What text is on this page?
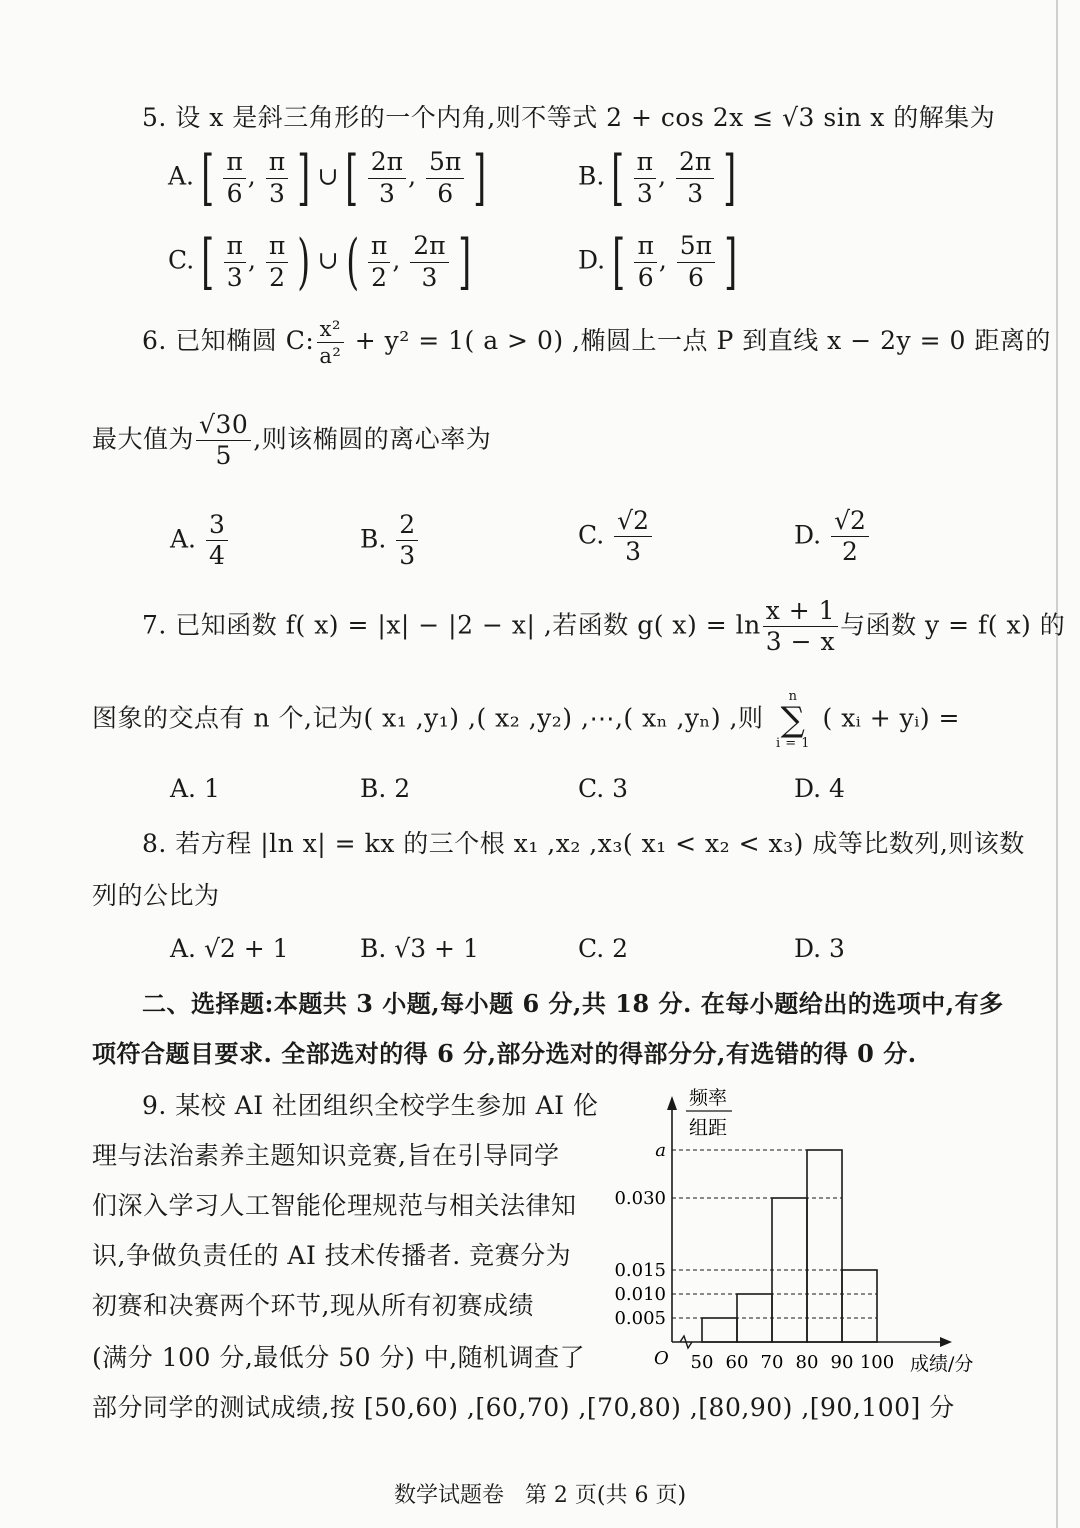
5. 设 x 是斜三角形的一个内角,则不等式 2 + cos 2x ≤ √3 sin x 的解集为
A. [ $\frac{\pi}{6}$ , $\frac{\pi}{3}$ ] ∪ [ $\frac{2\pi}{3}$ , $\frac{5\pi}{6}$ ]	B. [ $\frac{\pi}{3}$ , $\frac{2\pi}{3}$ ]
C. [ $\frac{\pi}{3}$ , $\frac{\pi}{2}$ ) ∪ ( $\frac{\pi}{2}$ , $\frac{2\pi}{3}$ ]	D. [ $\frac{\pi}{6}$ , $\frac{5\pi}{6}$ ]
6. 已知椭圆 C: $\frac{\text{x²}}{\text{a²}} + y^2 = 1$( a > 0) ,椭圆上一点 P 到直线 x − 2y = 0 距离的
最大值为 $\frac{√30}{5}$ ,则该椭圆的离心率为
A. $\frac{3}{4}$	B. $\frac{2}{3}$	C. $\frac{√2}{3}$	D. $\frac{√2}{2}$
7. 已知函数 f( x) = |x| − |2 − x| ,若函数 g( $x) = \ln \frac{x + 1}{3 - x}$ 与函数 y = f( x) 的
图象的交点有 n 个,记为( x₁ ,y₁) ,( x₂ ,y₂) ,⋯,( xₙ ,yₙ) ,则
n
∑
i = 1
( xᵢ + yᵢ) =
A. 1	B. 2	C. 3	D. 4
8. 若方程 |ln x| = kx 的三个根 x₁ ,x₂ ,x₃( x₁ < x₂ < x₃) 成等比数列,则该数
列的公比为
A. √2 + 1	B. √3 + 1	C. 2	D. 3
二、选择题:本题共 3 小题,每小题 6 分,共 18 分. 在每小题给出的选项中,有多
项符合题目要求. 全部选对的得 6 分,部分选对的得部分分,有选错的得 0 分.
9. 某校 AI 社团组织全校学生参加 AI 伦
理与法治素养主题知识竞赛,旨在引导同学
们深入学习人工智能伦理规范与相关法律知
识,争做负责任的 AI 技术传播者. 竞赛分为
初赛和决赛两个环节,现从所有初赛成绩
(满分 100 分,最低分 50 分) 中,随机调查了
部分同学的测试成绩,按 [50,60) ,[60,70) ,[70,80) ,[80,90) ,[90,100] 分
频率
组距
成绩/分
O
0.005
0.010
0.015
0.030
a
50 60 70 80 90 100
数学试题卷   第 2 页(共 6 页)
